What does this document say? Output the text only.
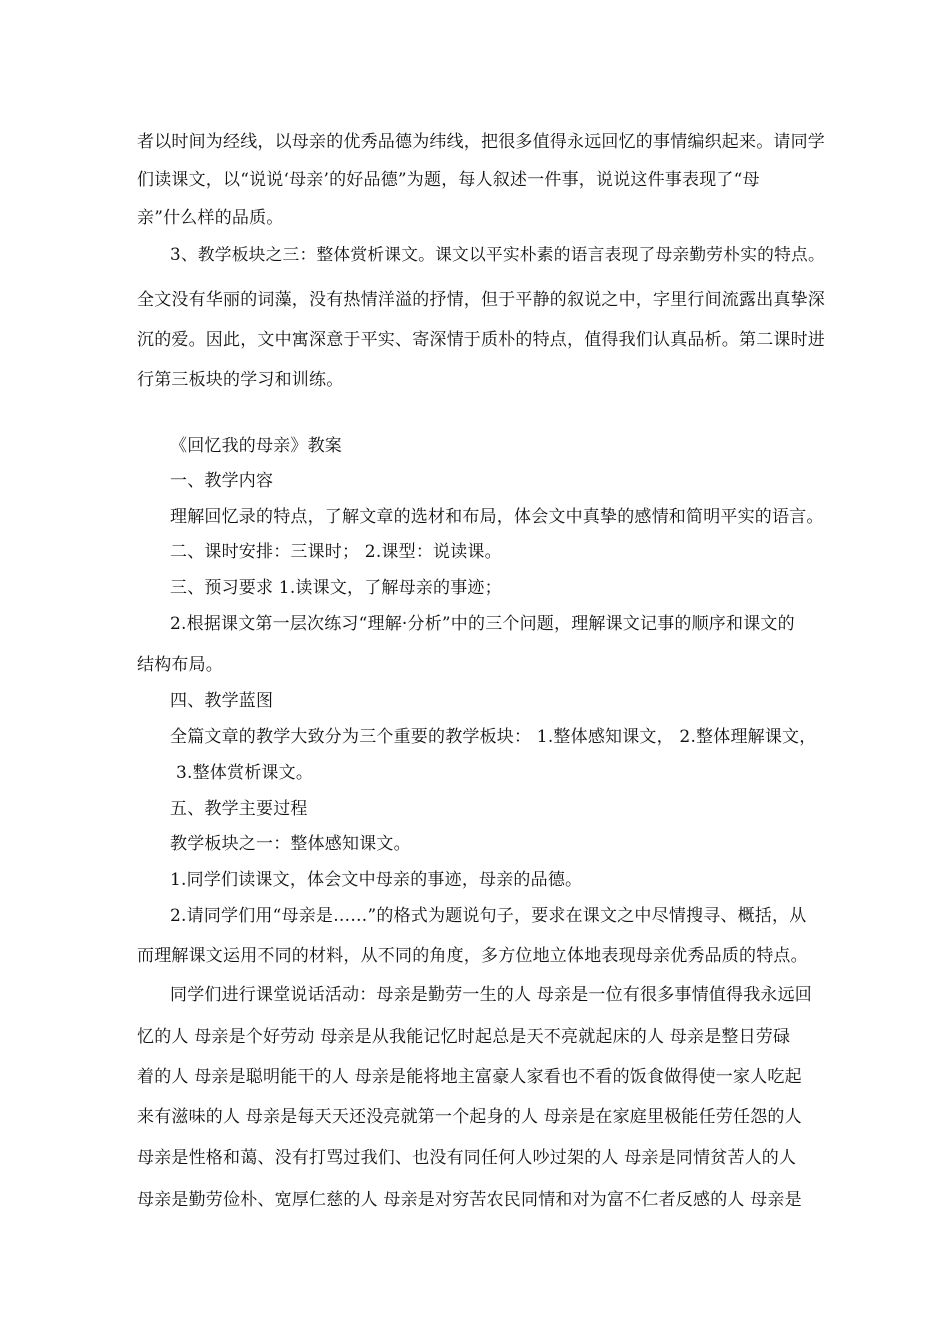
者以时间为经线，以母亲的优秀品德为纬线，把很多值得永远回忆的事情编织起来。请同学
们读课文，以“说说‘母亲’的好品德”为题，每人叙述一件事，说说这件事表现了“母
亲”什么样的品质。
3、教学板块之三：整体赏析课文。课文以平实朴素的语言表现了母亲勤劳朴实的特点。
全文没有华丽的词藻，没有热情洋溢的抒情，但于平静的叙说之中，字里行间流露出真挚深
沉的爱。因此，文中寓深意于平实、寄深情于质朴的特点，值得我们认真品析。第二课时进
行第三板块的学习和训练。
《回忆我的母亲》教案
一、教学内容
理解回忆录的特点，了解文章的选材和布局，体会文中真挚的感情和简明平实的语言。
二、课时安排：三课时； 2.课型：说读课。
三、预习要求 1.读课文，了解母亲的事迹；
2.根据课文第一层次练习“理解·分析”中的三个问题，理解课文记事的顺序和课文的
结构布局。
四、教学蓝图
全篇文章的教学大致分为三个重要的教学板块： 1.整体感知课文， 2.整体理解课文，
3.整体赏析课文。
五、教学主要过程
教学板块之一：整体感知课文。
1.同学们读课文，体会文中母亲的事迹，母亲的品德。
2.请同学们用“母亲是……”的格式为题说句子，要求在课文之中尽情搜寻、概括，从
而理解课文运用不同的材料，从不同的角度，多方位地立体地表现母亲优秀品质的特点。
同学们进行课堂说话活动：母亲是勤劳一生的人 母亲是一位有很多事情值得我永远回
忆的人 母亲是个好劳动 母亲是从我能记忆时起总是天不亮就起床的人 母亲是整日劳碌
着的人 母亲是聪明能干的人 母亲是能将地主富豪人家看也不看的饭食做得使一家人吃起
来有滋味的人 母亲是每天天还没亮就第一个起身的人 母亲是在家庭里极能任劳任怨的人
母亲是性格和蔼、没有打骂过我们、也没有同任何人吵过架的人 母亲是同情贫苦人的人
母亲是勤劳俭朴、宽厚仁慈的人 母亲是对穷苦农民同情和对为富不仁者反感的人 母亲是
